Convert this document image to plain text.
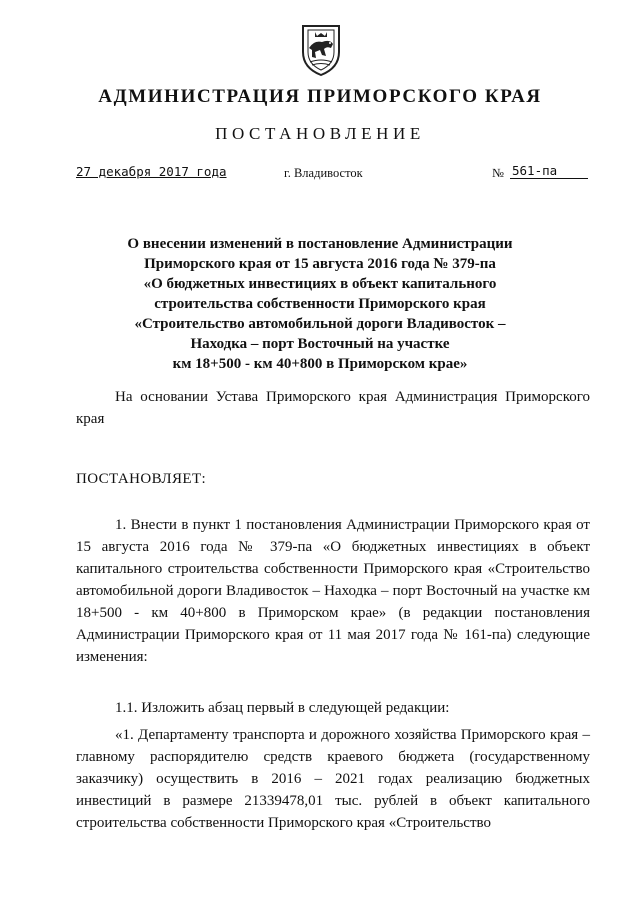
АДМИНИСТРАЦИЯ ПРИМОРСКОГО КРАЯ
ПОСТАНОВЛЕНИЕ
27 декабря 2017 года	г. Владивосток	№ 561-па
О внесении изменений в постановление Администрации
Приморского края от 15 августа 2016 года № 379-па
«О бюджетных инвестициях в объект капитального
строительства собственности Приморского края
«Строительство автомобильной дороги Владивосток –
Находка – порт Восточный на участке
км 18+500 - км 40+800 в Приморском крае»
На основании Устава Приморского края Администрация Приморского края
ПОСТАНОВЛЯЕТ:
1. Внести в пункт 1 постановления Администрации Приморского края от 15 августа 2016 года № 379-па «О бюджетных инвестициях в объект капитального строительства собственности Приморского края «Строительство автомобильной дороги Владивосток – Находка – порт Восточный на участке км 18+500 - км 40+800 в Приморском крае» (в редакции постановления Администрации Приморского края от 11 мая 2017 года № 161-па) следующие изменения:
1.1. Изложить абзац первый в следующей редакции:
«1. Департаменту транспорта и дорожного хозяйства Приморского края – главному распорядителю средств краевого бюджета (государственному заказчику) осуществить в 2016 – 2021 годах реализацию бюджетных инвестиций в размере 21339478,01 тыс. рублей в объект капитального строительства собственности Приморского края «Строительство
